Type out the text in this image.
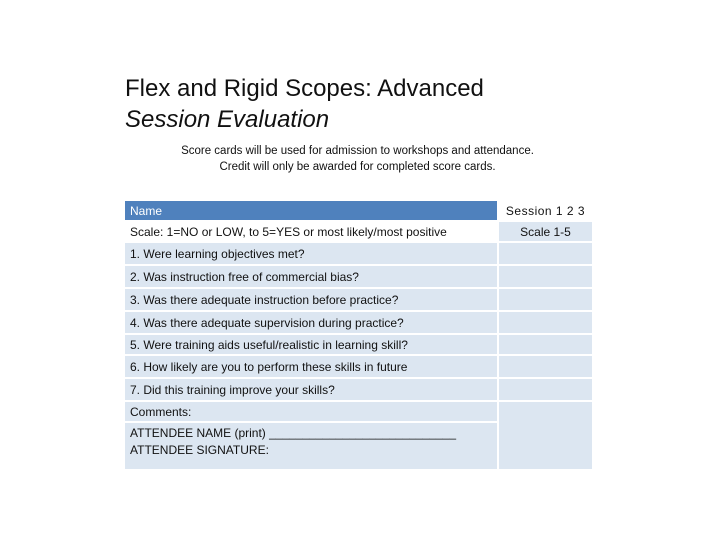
Flex and Rigid Scopes: Advanced
Session Evaluation
Score cards will be used for admission to workshops and attendance.
Credit will only be awarded for completed score cards.
Name	Session 1 2 3
Scale: 1=NO or LOW, to 5=YES or most likely/most positive	Scale 1-5
1. Were learning objectives met?	
2. Was instruction free of commercial bias?	
3. Was there adequate instruction before practice?	
4. Was there adequate supervision during practice?	
5. Were training aids useful/realistic in learning skill?	
6. How likely are you to perform these skills in future	
7. Did this training improve your skills?	
Comments:	

ATTENDEE NAME (print) ____________________________
ATTENDEE SIGNATURE:	
